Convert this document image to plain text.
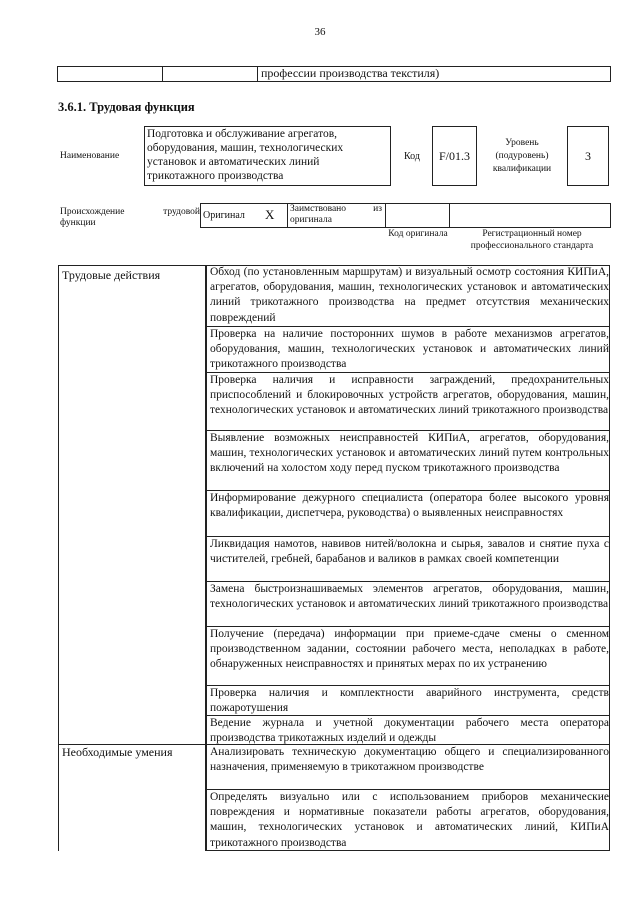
36
профессии производства текстиля)
3.6.1. Трудовая функция
Наименование
Подготовка и обслуживание агрегатов, оборудования, машин, технологических установок и автоматических линий трикотажного производства
Код	F/01.3
Уровень (подуровень) квалификации
3
Происхождение трудовой функции
Оригинал X Заимствовано из оригинала
Код оригинала	Регистрационный номер профессионального стандарта
Трудовые действия	Обход (по установленным маршрутам) и визуальный осмотр состояния КИПиА, агрегатов, оборудования, машин, технологических установок и автоматических линий трикотажного производства на предмет отсутствия механических повреждений
Проверка на наличие посторонних шумов в работе механизмов агрегатов, оборудования, машин, технологических установок и автоматических линий трикотажного производства
Проверка наличия и исправности заграждений, предохранительных приспособлений и блокировочных устройств агрегатов, оборудования, машин, технологических установок и автоматических линий трикотажного производства
Выявление возможных неисправностей КИПиА, агрегатов, оборудования, машин, технологических установок и автоматических линий путем контрольных включений на холостом ходу перед пуском трикотажного производства
Информирование дежурного специалиста (оператора более высокого уровня квалификации, диспетчера, руководства) о выявленных неисправностях
Ликвидация намотов, навивов нитей/волокна и сырья, завалов и снятие пуха с чистителей, гребней, барабанов и валиков в рамках своей компетенции
Замена быстроизнашиваемых элементов агрегатов, оборудования, машин, технологических установок и автоматических линий трикотажного производства
Получение (передача) информации при приеме-сдаче смены о сменном производственном задании, состоянии рабочего места, неполадках в работе, обнаруженных неисправностях и принятых мерах по их устранению
Проверка наличия и комплектности аварийного инструмента, средств пожаротушения
Ведение журнала и учетной документации рабочего места оператора производства трикотажных изделий и одежды
Необходимые умения	Анализировать техническую документацию общего и специализированного назначения, применяемую в трикотажном производстве
Определять визуально или с использованием приборов механические повреждения и нормативные показатели работы агрегатов, оборудования, машин, технологических установок и автоматических линий, КИПиА трикотажного производства
